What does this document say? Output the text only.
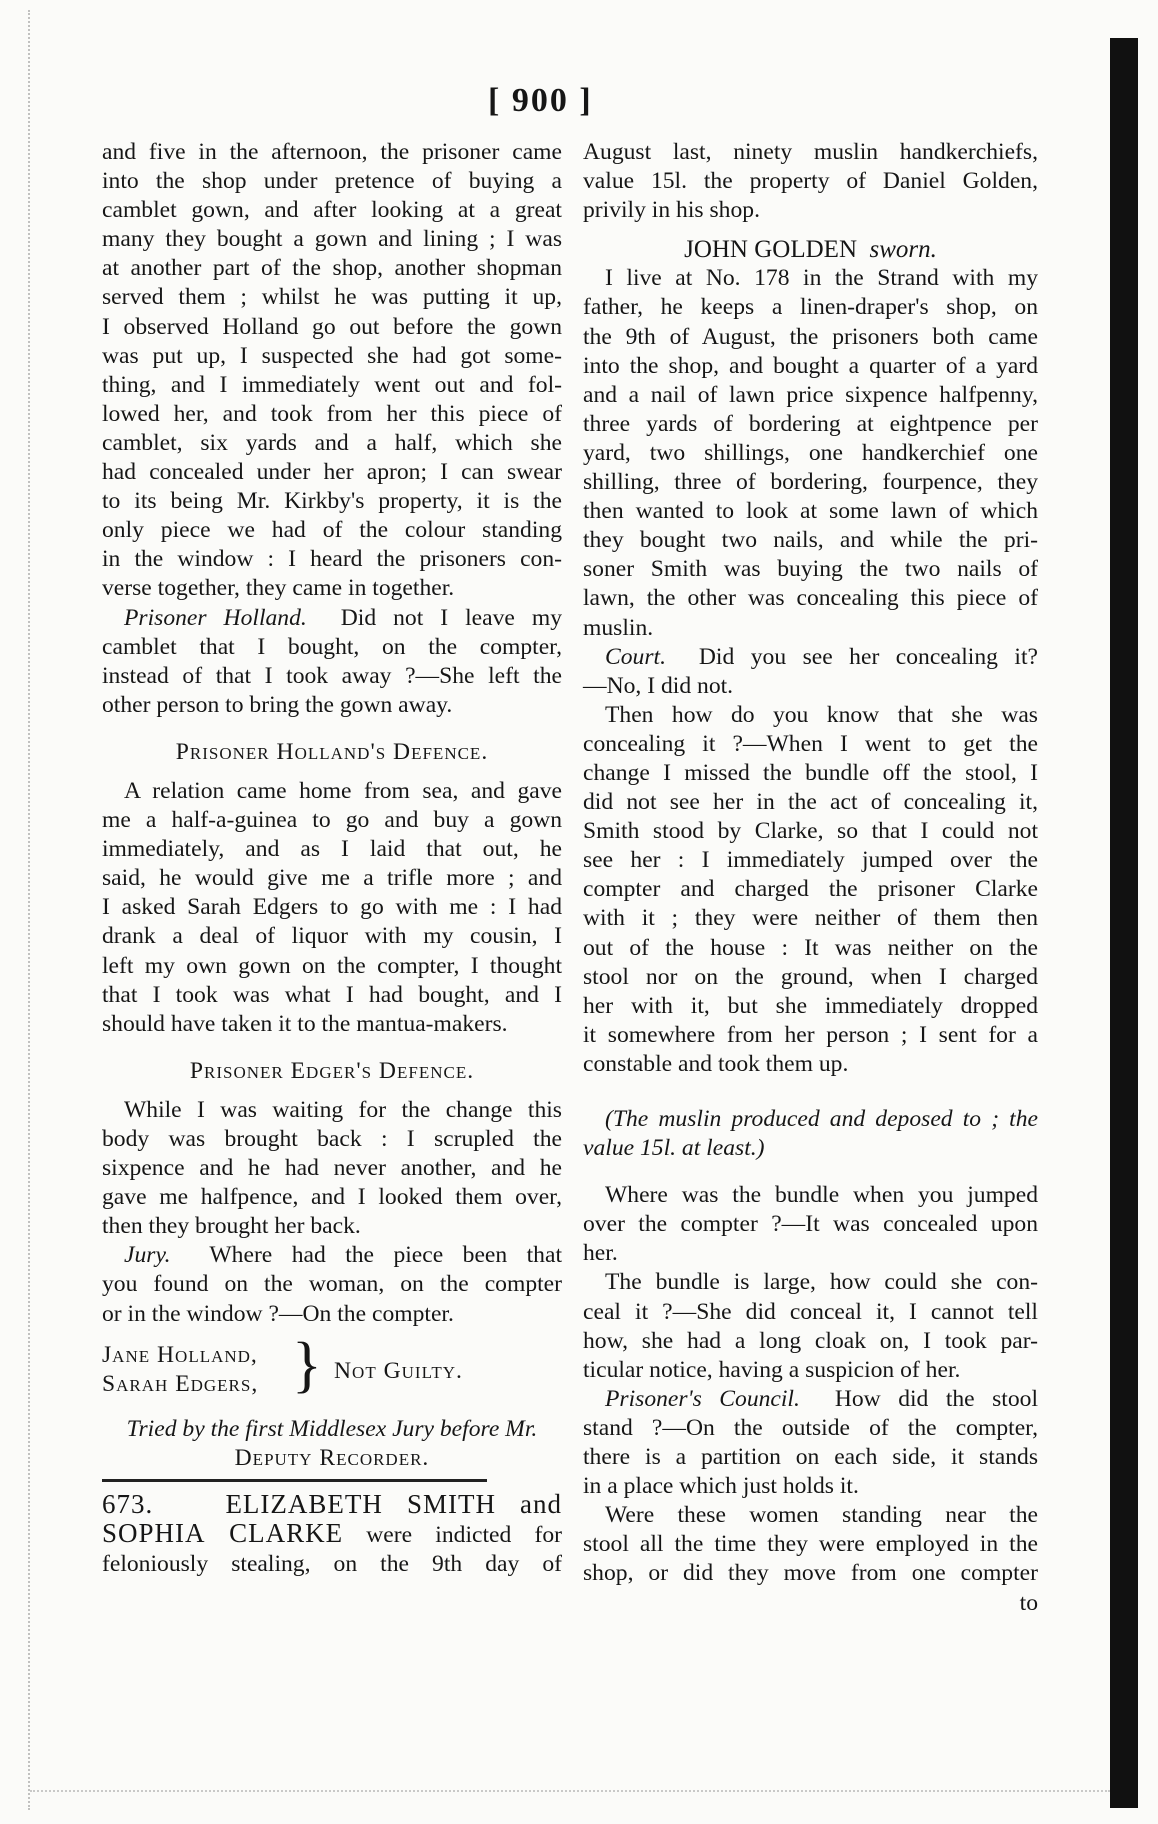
[ 900 ]
and five in the afternoon, the prisoner came
into the shop under pretence of buying a
camblet gown, and after looking at a great
many they bought a gown and lining ; I was
at another part of the shop, another shopman
served them ; whilst he was putting it up,
I observed Holland go out before the gown
was put up, I suspected she had got some-
thing, and I immediately went out and fol-
lowed her, and took from her this piece of
camblet, six yards and a half, which she
had concealed under her apron; I can swear
to its being Mr. Kirkby's property, it is the
only piece we had of the colour standing
in the window : I heard the prisoners con-
verse together, they came in together.
Prisoner Holland. Did not I leave my
camblet that I bought, on the compter,
instead of that I took away ?—She left the
other person to bring the gown away.
Prisoner Holland's Defence.
A relation came home from sea, and gave
me a half-a-guinea to go and buy a gown
immediately, and as I laid that out, he
said, he would give me a trifle more ; and
I asked Sarah Edgers to go with me : I had
drank a deal of liquor with my cousin, I
left my own gown on the compter, I thought
that I took was what I had bought, and I
should have taken it to the mantua-makers.
Prisoner Edger's Defence.
While I was waiting for the change this
body was brought back : I scrupled the
sixpence and he had never another, and he
gave me halfpence, and I looked them over,
then they brought her back.
Jury. Where had the piece been that
you found on the woman, on the compter
or in the window ?—On the compter.
Jane Holland,
Sarah Edgers, } Not Guilty.
Tried by the first Middlesex Jury before Mr.
Deputy Recorder.
673.	ELIZABETH SMITH and
SOPHIA CLARKE were indicted for
feloniously stealing, on the 9th day of
August last, ninety muslin handkerchiefs,
value 15l. the property of Daniel Golden,
privily in his shop.
JOHN GOLDEN sworn.
I live at No. 178 in the Strand with my
father, he keeps a linen-draper's shop, on
the 9th of August, the prisoners both came
into the shop, and bought a quarter of a yard
and a nail of lawn price sixpence halfpenny,
three yards of bordering at eightpence per
yard, two shillings, one handkerchief one
shilling, three of bordering, fourpence, they
then wanted to look at some lawn of which
they bought two nails, and while the pri-
soner Smith was buying the two nails of
lawn, the other was concealing this piece of
muslin.
Court. Did you see her concealing it?
—No, I did not.
Then how do you know that she was
concealing it ?—When I went to get the
change I missed the bundle off the stool, I
did not see her in the act of concealing it,
Smith stood by Clarke, so that I could not
see her : I immediately jumped over the
compter and charged the prisoner Clarke
with it ; they were neither of them then
out of the house : It was neither on the
stool nor on the ground, when I charged
her with it, but she immediately dropped
it somewhere from her person ; I sent for a
constable and took them up.
(The muslin produced and deposed to ; the
value 15l. at least.)
Where was the bundle when you jumped
over the compter ?—It was concealed upon
her.
The bundle is large, how could she con-
ceal it ?—She did conceal it, I cannot tell
how, she had a long cloak on, I took par-
ticular notice, having a suspicion of her.
Prisoner's Council. How did the stool
stand ?—On the outside of the compter,
there is a partition on each side, it stands
in a place which just holds it.
Were these women standing near the
stool all the time they were employed in the
shop, or did they move from one compter
to
